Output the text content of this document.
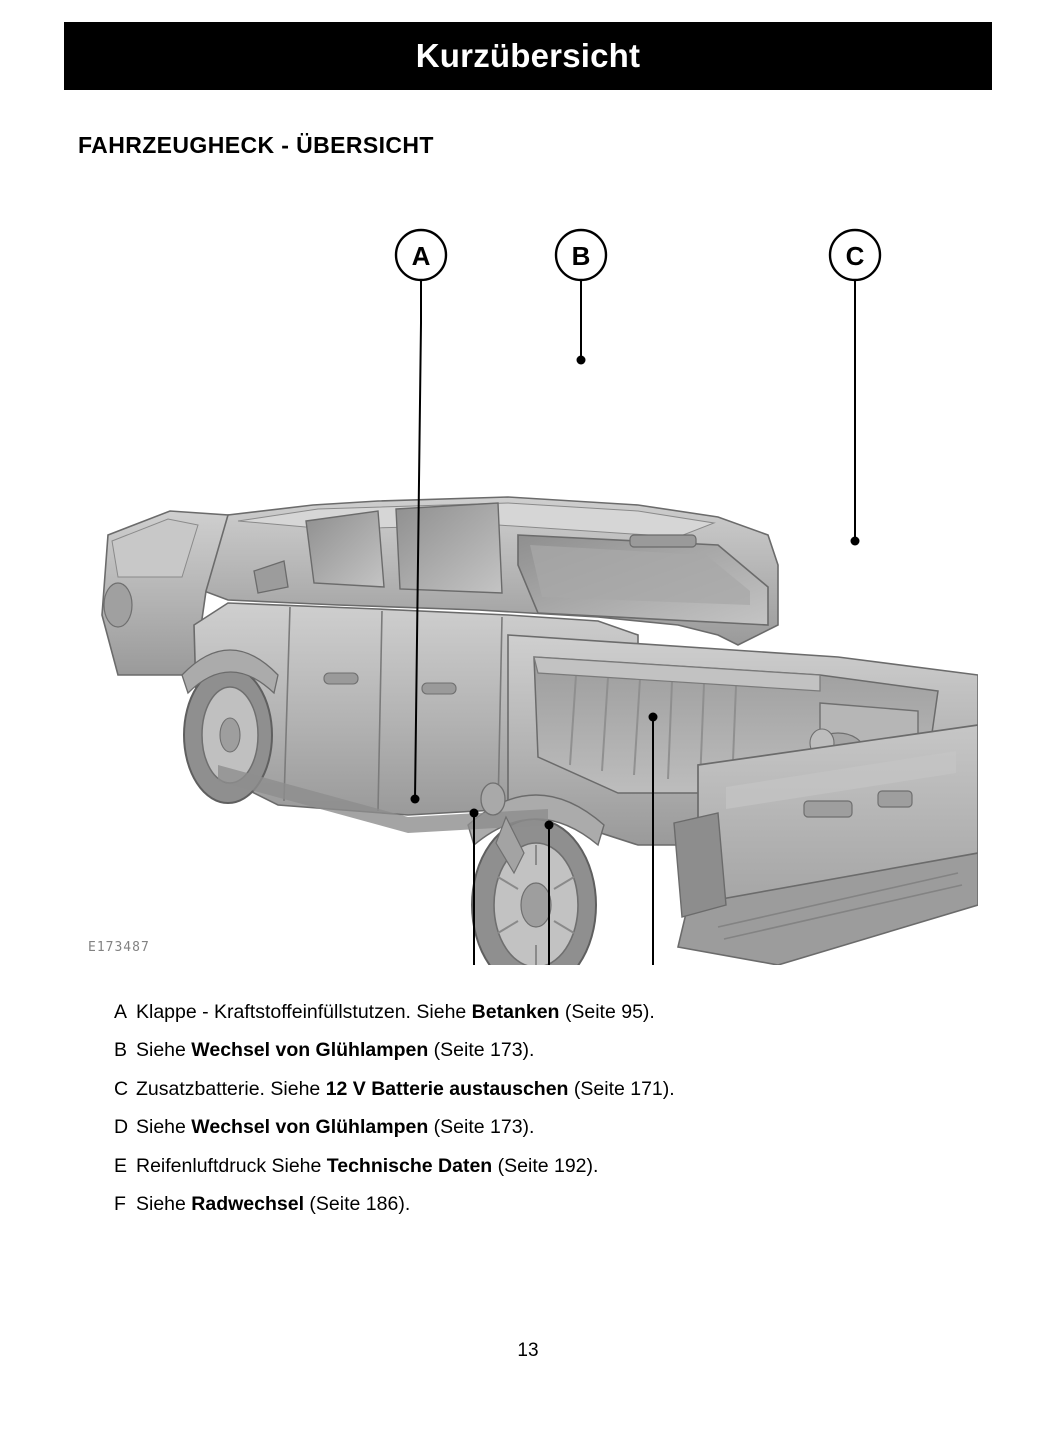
Kurzübersicht
FAHRZEUGHECK - ÜBERSICHT
A	B	C
E173487
A Klappe - Kraftstoffeinfüllstutzen. Siehe Betanken (Seite 95).
B Siehe Wechsel von Glühlampen (Seite 173).
C Zusatzbatterie. Siehe 12 V Batterie austauschen (Seite 171).
D Siehe Wechsel von Glühlampen (Seite 173).
E Reifenluftdruck Siehe Technische Daten (Seite 192).
F Siehe Radwechsel (Seite 186).
13
